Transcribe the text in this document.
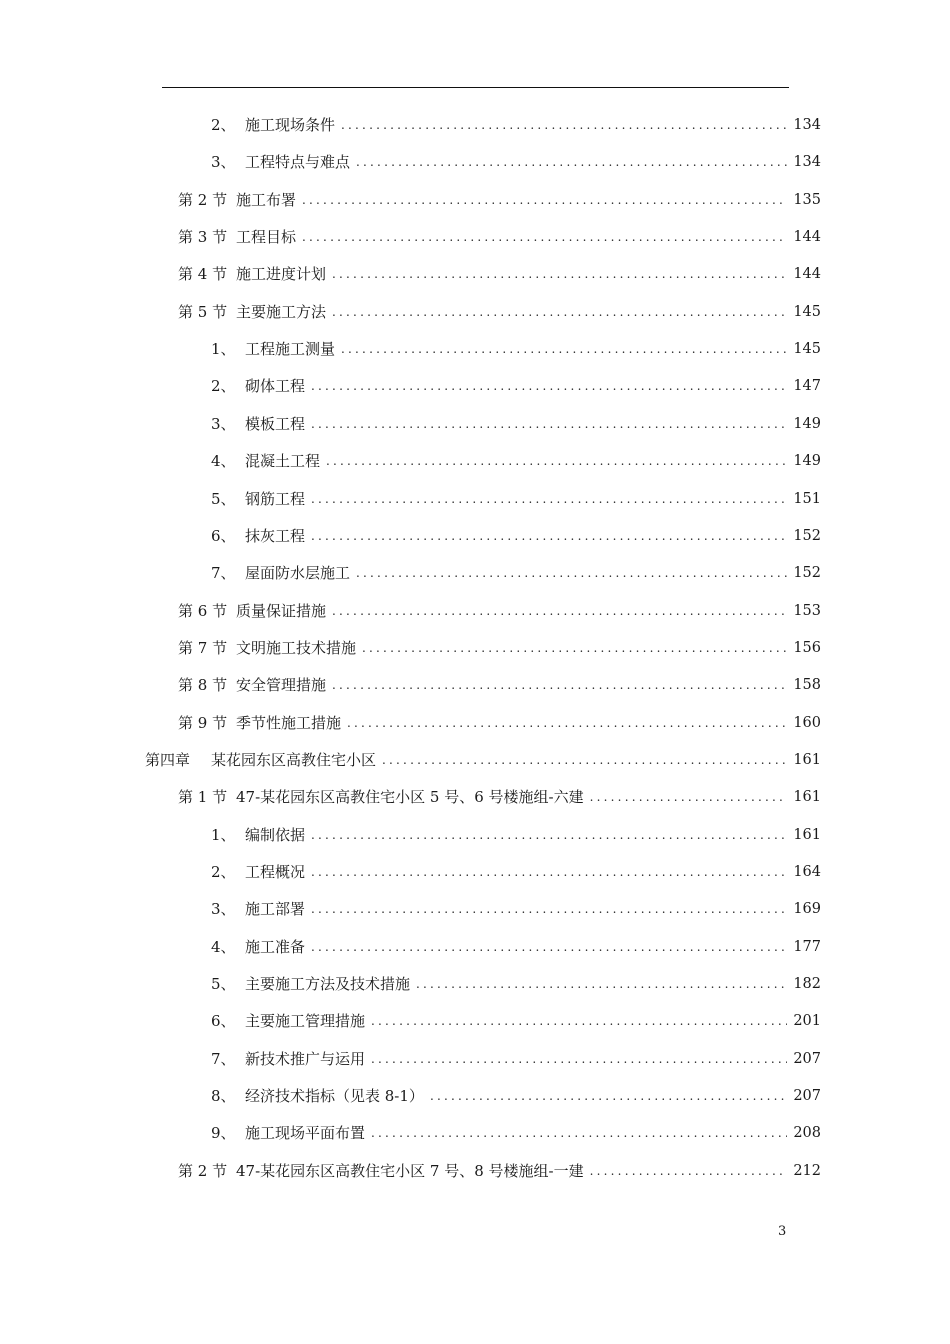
2、 施工现场条件 .....	134
3、 工程特点与难点 .....	134
第 2 节 施工布署 .....	135
第 3 节 工程目标 .....	144
第 4 节 施工进度计划 .....	144
第 5 节 主要施工方法 .....	145
1、 工程施工测量 .....	145
2、 砌体工程 .....	147
3、 模板工程 .....	149
4、 混凝土工程 .....	149
5、 钢筋工程 .....	151
6、 抹灰工程 .....	152
7、 屋面防水层施工 .....	152
第 6 节 质量保证措施 .....	153
第 7 节 文明施工技术措施 .....	156
第 8 节 安全管理措施 .....	158
第 9 节 季节性施工措施 .....	160
第四章 某花园东区高教住宅小区 .....	161
第 1 节 47-某花园东区高教住宅小区 5 号、6 号楼施组-六建 .....	161
1、 编制依据 .....	161
2、 工程概况 .....	164
3、 施工部署 .....	169
4、 施工准备 .....	177
5、 主要施工方法及技术措施 .....	182
6、 主要施工管理措施 .....	201
7、 新技术推广与运用 .....	207
8、 经济技术指标（见表 8-1） .....	207
9、 施工现场平面布置 .....	208
第 2 节 47-某花园东区高教住宅小区 7 号、8 号楼施组-一建 .....	212
3
